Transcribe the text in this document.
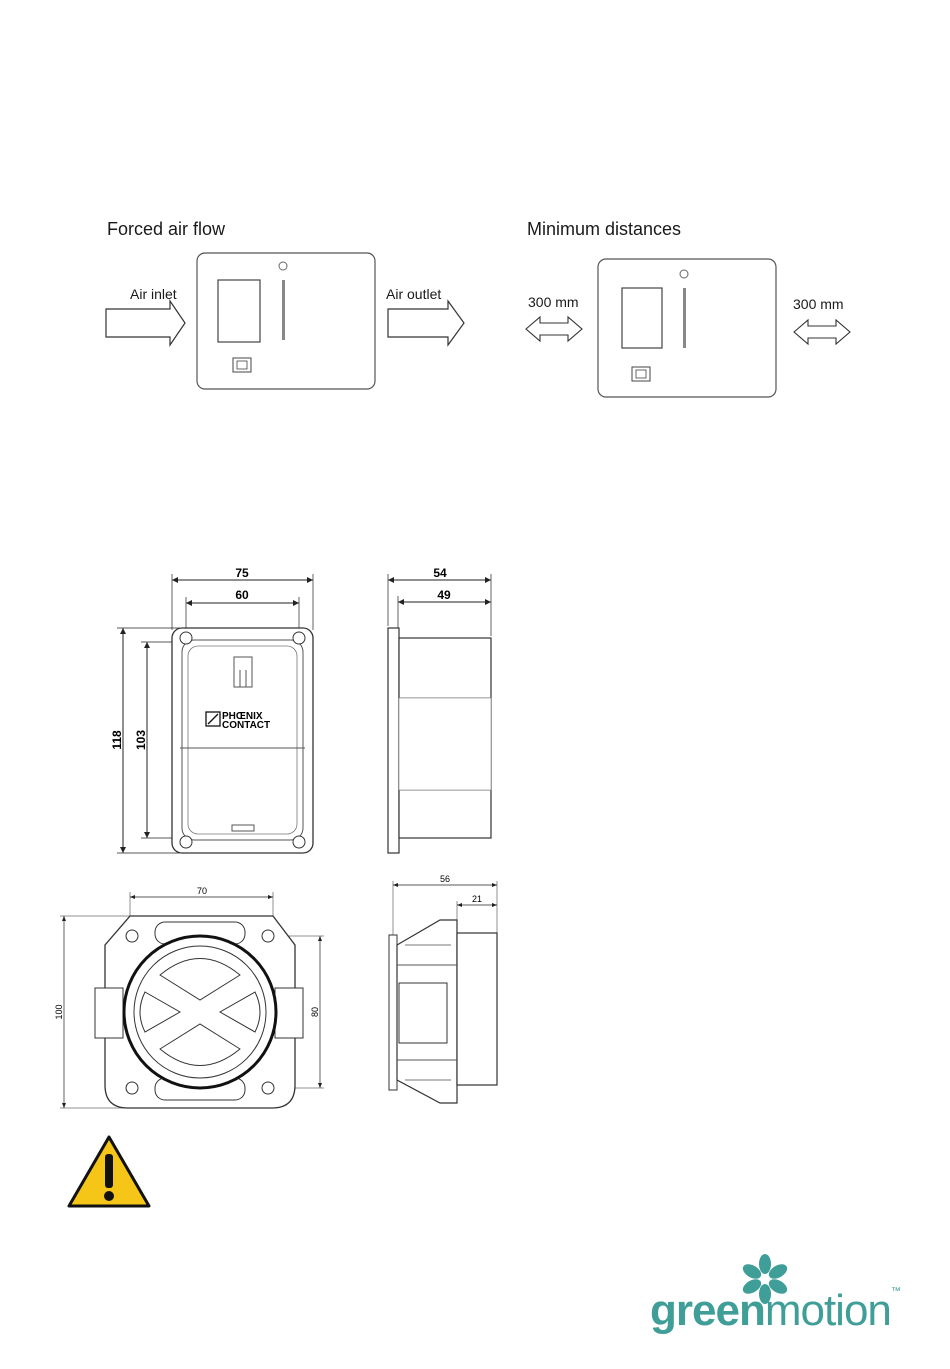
Forced air flow
Air inlet	Air outlet
Minimum distances
300 mm	300 mm
75
60
118 103
PHŒNIX
CONTACT
54
49
70
100	80
56
21
greenmotion™
